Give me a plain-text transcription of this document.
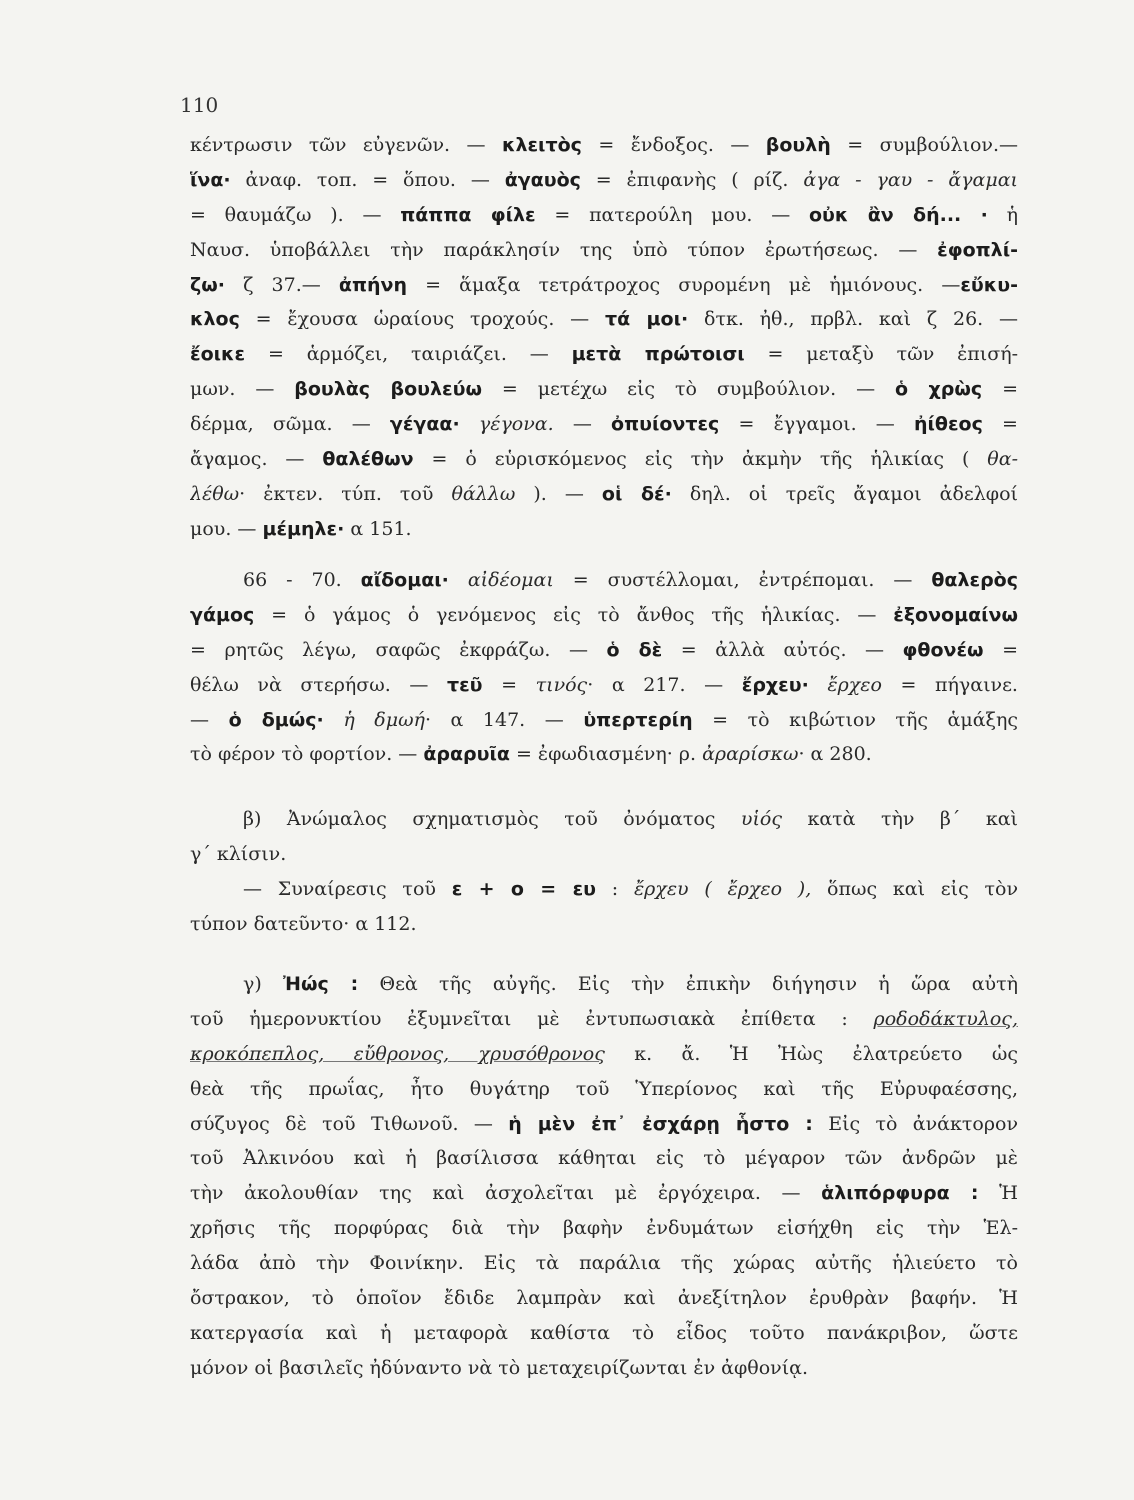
110
κέντρωσιν τῶν εὐγενῶν. — κλειτὸς = ἔνδοξος. — βουλὴ = συμβούλιον.—
ἵνα· ἀναφ. τοπ. = ὅπου. — ἀγαυὸς = ἐπιφανὴς ( ρίζ. ἀγα - γαυ - ἄγαμαι
= θαυμάζω ). — πάππα φίλε = πατερούλη μου. — οὐκ ἂν δή... · ἡ
Ναυσ. ὑποβάλλει τὴν παράκλησίν της ὑπὸ τύπον ἐρωτήσεως. — ἐφοπλί-
ζω· ζ 37.— ἀπήνη = ἅμαξα τετράτροχος συρομένη μὲ ἡμιόνους. —εὔκυ-
κλος = ἔχουσα ὡραίους τροχούς. — τά μοι· δτκ. ἠθ., πρβλ. καὶ ζ 26. —
ἔοικε = ἁρμόζει, ταιριάζει. — μετὰ πρώτοισι = μεταξὺ τῶν ἐπισή-
μων. — βουλὰς βουλεύω = μετέχω εἰς τὸ συμβούλιον. — ὁ χρὼς =
δέρμα, σῶμα. — γέγαα· γέγονα. — ὀπυίοντες = ἔγγαμοι. — ἠίθεος =
ἄγαμος. — θαλέθων = ὁ εὑρισκόμενος εἰς τὴν ἀκμὴν τῆς ἡλικίας ( θα-
λέθω· ἐκτεν. τύπ. τοῦ θάλλω ). — οἱ δέ· δηλ. οἱ τρεῖς ἄγαμοι ἀδελφοί
μου. — μέμηλε· α 151.
66 - 70. αἴδομαι· αἰδέομαι = συστέλλομαι, ἐντρέπομαι. — θαλερὸς
γάμος = ὁ γάμος ὁ γενόμενος εἰς τὸ ἄνθος τῆς ἡλικίας. — ἐξονομαίνω
= ρητῶς λέγω, σαφῶς ἐκφράζω. — ὁ δὲ = ἀλλὰ αὐτός. — φθονέω =
θέλω νὰ στερήσω. — τεῦ = τινός· α 217. — ἔρχευ· ἔρχεο = πήγαινε.
— ὁ δμώς· ἡ δμωή· α 147. — ὑπερτερίη = τὸ κιβώτιον τῆς ἁμάξης
τὸ φέρον τὸ φορτίον. — ἀραρυῖα = ἐφωδιασμένη· ρ. ἀραρίσκω· α 280.
β) Ἀνώμαλος σχηματισμὸς τοῦ ὀνόματος υἱός κατὰ τὴν β΄ καὶ
γ΄ κλίσιν.
— Συναίρεσις τοῦ ε + ο = ευ : ἔρχευ ( ἔρχεο ), ὅπως καὶ εἰς τὸν
τύπον δατεῦντο· α 112.
γ) Ἠώς : Θεὰ τῆς αὐγῆς. Εἰς τὴν ἐπικὴν διήγησιν ἡ ὥρα αὐτὴ
τοῦ ἡμερονυκτίου ἐξυμνεῖται μὲ ἐντυπωσιακὰ ἐπίθετα : ροδοδάκτυλος,
κροκόπεπλος, εὔθρονος, χρυσόθρονος κ. ἄ. Ἡ Ἠὼς ἐλατρεύετο ὡς
θεὰ τῆς πρωΐας, ἦτο θυγάτηρ τοῦ Ὑπερίονος καὶ τῆς Εὐρυφαέσσης,
σύζυγος δὲ τοῦ Τιθωνοῦ. — ἡ μὲν ἐπ᾽ ἐσχάρῃ ἧστο : Εἰς τὸ ἀνάκτορον
τοῦ Ἀλκινόου καὶ ἡ βασίλισσα κάθηται εἰς τὸ μέγαρον τῶν ἀνδρῶν μὲ
τὴν ἀκολουθίαν της καὶ ἀσχολεῖται μὲ ἐργόχειρα. — ἁλιπόρφυρα : Ἡ
χρῆσις τῆς πορφύρας διὰ τὴν βαφὴν ἐνδυμάτων εἰσήχθη εἰς τὴν Ἑλ-
λάδα ἀπὸ τὴν Φοινίκην. Εἰς τὰ παράλια τῆς χώρας αὐτῆς ἡλιεύετο τὸ
ὄστρακον, τὸ ὁποῖον ἔδιδε λαμπρὰν καὶ ἀνεξίτηλον ἐρυθρὰν βαφήν. Ἡ
κατεργασία καὶ ἡ μεταφορὰ καθίστα τὸ εἶδος τοῦτο πανάκριβον, ὥστε
μόνον οἱ βασιλεῖς ἠδύναντο νὰ τὸ μεταχειρίζωνται ἐν ἀφθονίᾳ.
